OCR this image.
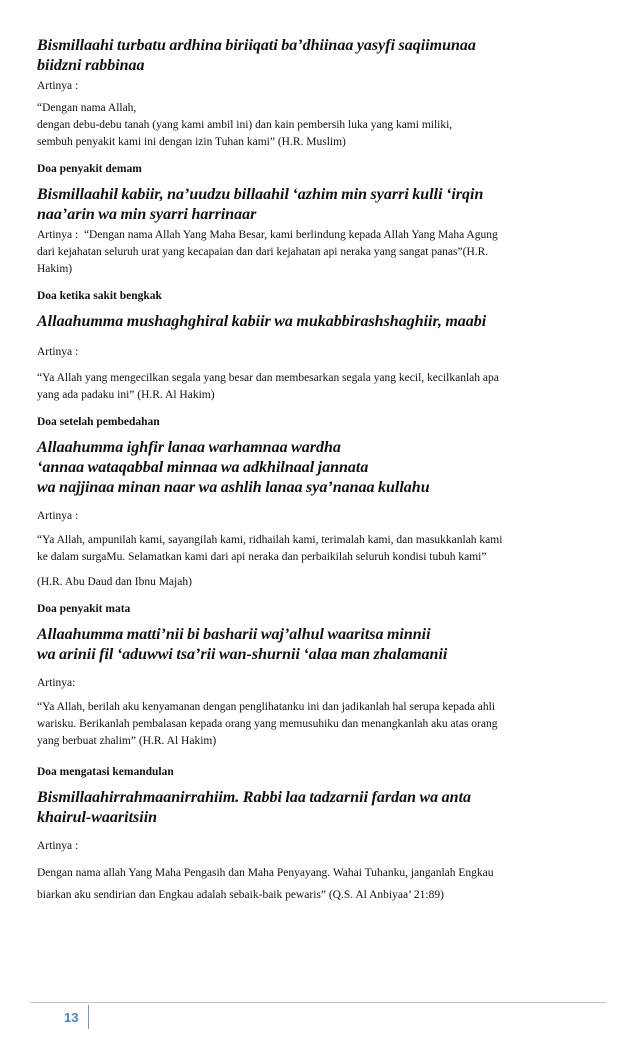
Bismillaahi turbatu ardhina biriiqati ba’dhiinaa yasyfi saqiimunaa
biidzni rabbinaa
Artinya :
“Dengan nama Allah,
dengan debu-debu tanah (yang kami ambil ini) dan kain pembersih luka yang kami miliki,
sembuh penyakit kami ini dengan izin Tuhan kami” (H.R. Muslim)
Doa penyakit demam
Bismillaahil kabiir, na’uudzu billaahil ‘azhim min syarri kulli ‘irqin
naa’arin wa min syarri harrinaar
Artinya : “Dengan nama Allah Yang Maha Besar, kami berlindung kepada Allah Yang Maha Agung
dari kejahatan seluruh urat yang kecapaian dan dari kejahatan api neraka yang sangat panas”(H.R.
Hakim)
Doa ketika sakit bengkak
Allaahumma mushaghghiral kabiir wa mukabbirashshaghiir, maabi
Artinya :
“Ya Allah yang mengecilkan segala yang besar dan membesarkan segala yang kecil, kecilkanlah apa
yang ada padaku ini” (H.R. Al Hakim)
Doa setelah pembedahan
Allaahumma ighfir lanaa warhamnaa wardha
‘annaa wataqabbal minnaa wa adkhilnaal jannata
wa najjinaa minan naar wa ashlih lanaa sya’nanaa kullahu
Artinya :
“Ya Allah, ampunilah kami, sayangilah kami, ridhailah kami, terimalah kami, dan masukkanlah kami
ke dalam surgaMu. Selamatkan kami dari api neraka dan perbaikilah seluruh kondisi tubuh kami”
(H.R. Abu Daud dan Ibnu Majah)
Doa penyakit mata
Allaahumma matti’nii bi basharii waj’alhul waaritsa minnii
wa arinii fil ‘aduwwi tsa’rii wan-shurnii ‘alaa man zhalamanii
Artinya:
“Ya Allah, berilah aku kenyamanan dengan penglihatanku ini dan jadikanlah hal serupa kepada ahli
warisku. Berikanlah pembalasan kepada orang yang memusuhiku dan menangkanlah aku atas orang
yang berbuat zhalim” (H.R. Al Hakim)
Doa mengatasi kemandulan
Bismillaahirrahmaanirrahiim. Rabbi laa tadzarnii fardan wa anta
khairul-waaritsiin
Artinya :
Dengan nama allah Yang Maha Pengasih dan Maha Penyayang. Wahai Tuhanku, janganlah Engkau
biarkan aku sendirian dan Engkau adalah sebaik-baik pewaris” (Q.S. Al Anbiyaa’ 21:89)
13
